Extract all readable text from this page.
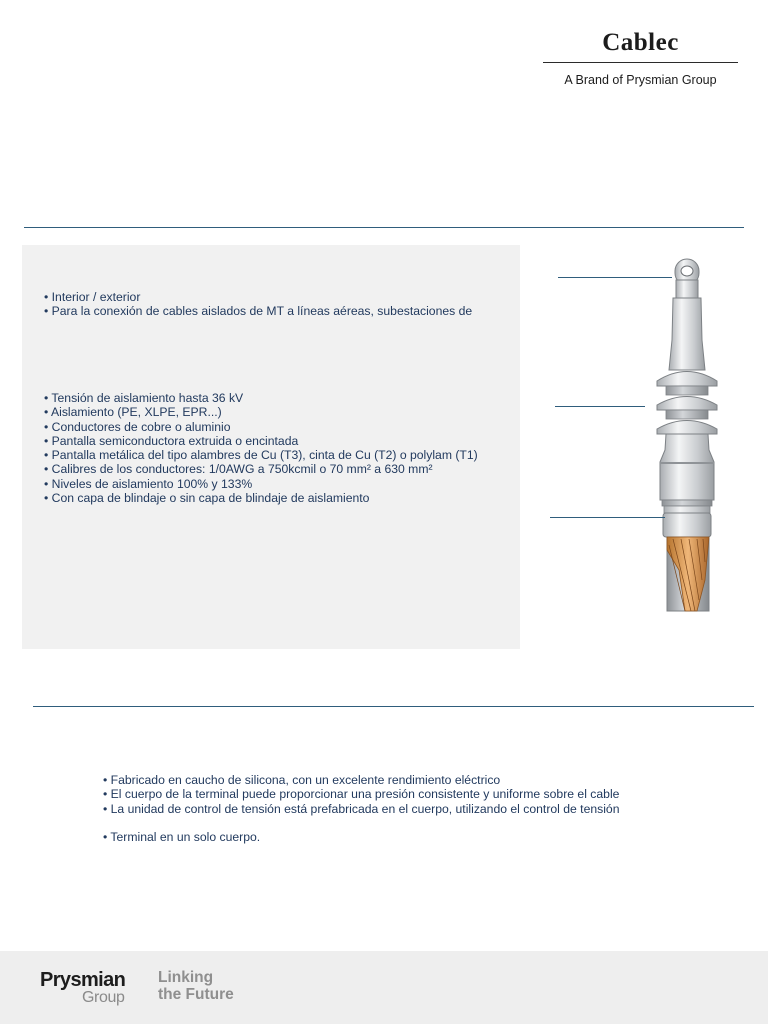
Cablec
A Brand of Prysmian Group
• Interior / exterior
• Para la conexión de cables aislados de MT a líneas aéreas, subestaciones de
• Tensión de aislamiento hasta 36 kV
• Aislamiento (PE, XLPE, EPR...)
• Conductores de cobre o aluminio
• Pantalla semiconductora extruida o encintada
• Pantalla metálica del tipo alambres de Cu (T3), cinta de Cu (T2) o polylam (T1)
• Calibres de los conductores: 1/0AWG a 750kcmil o 70 mm² a 630 mm²
• Niveles de aislamiento 100% y 133%
• Con capa de blindaje o sin capa de blindaje de aislamiento
• Fabricado en caucho de silicona, con un excelente rendimiento eléctrico
• El cuerpo de la terminal puede proporcionar una presión consistente y uniforme sobre el cable
• La unidad de control de tensión está prefabricada en el cuerpo, utilizando el control de tensión
• Terminal en un solo cuerpo.
Prysmian
Group
Linking
the Future
